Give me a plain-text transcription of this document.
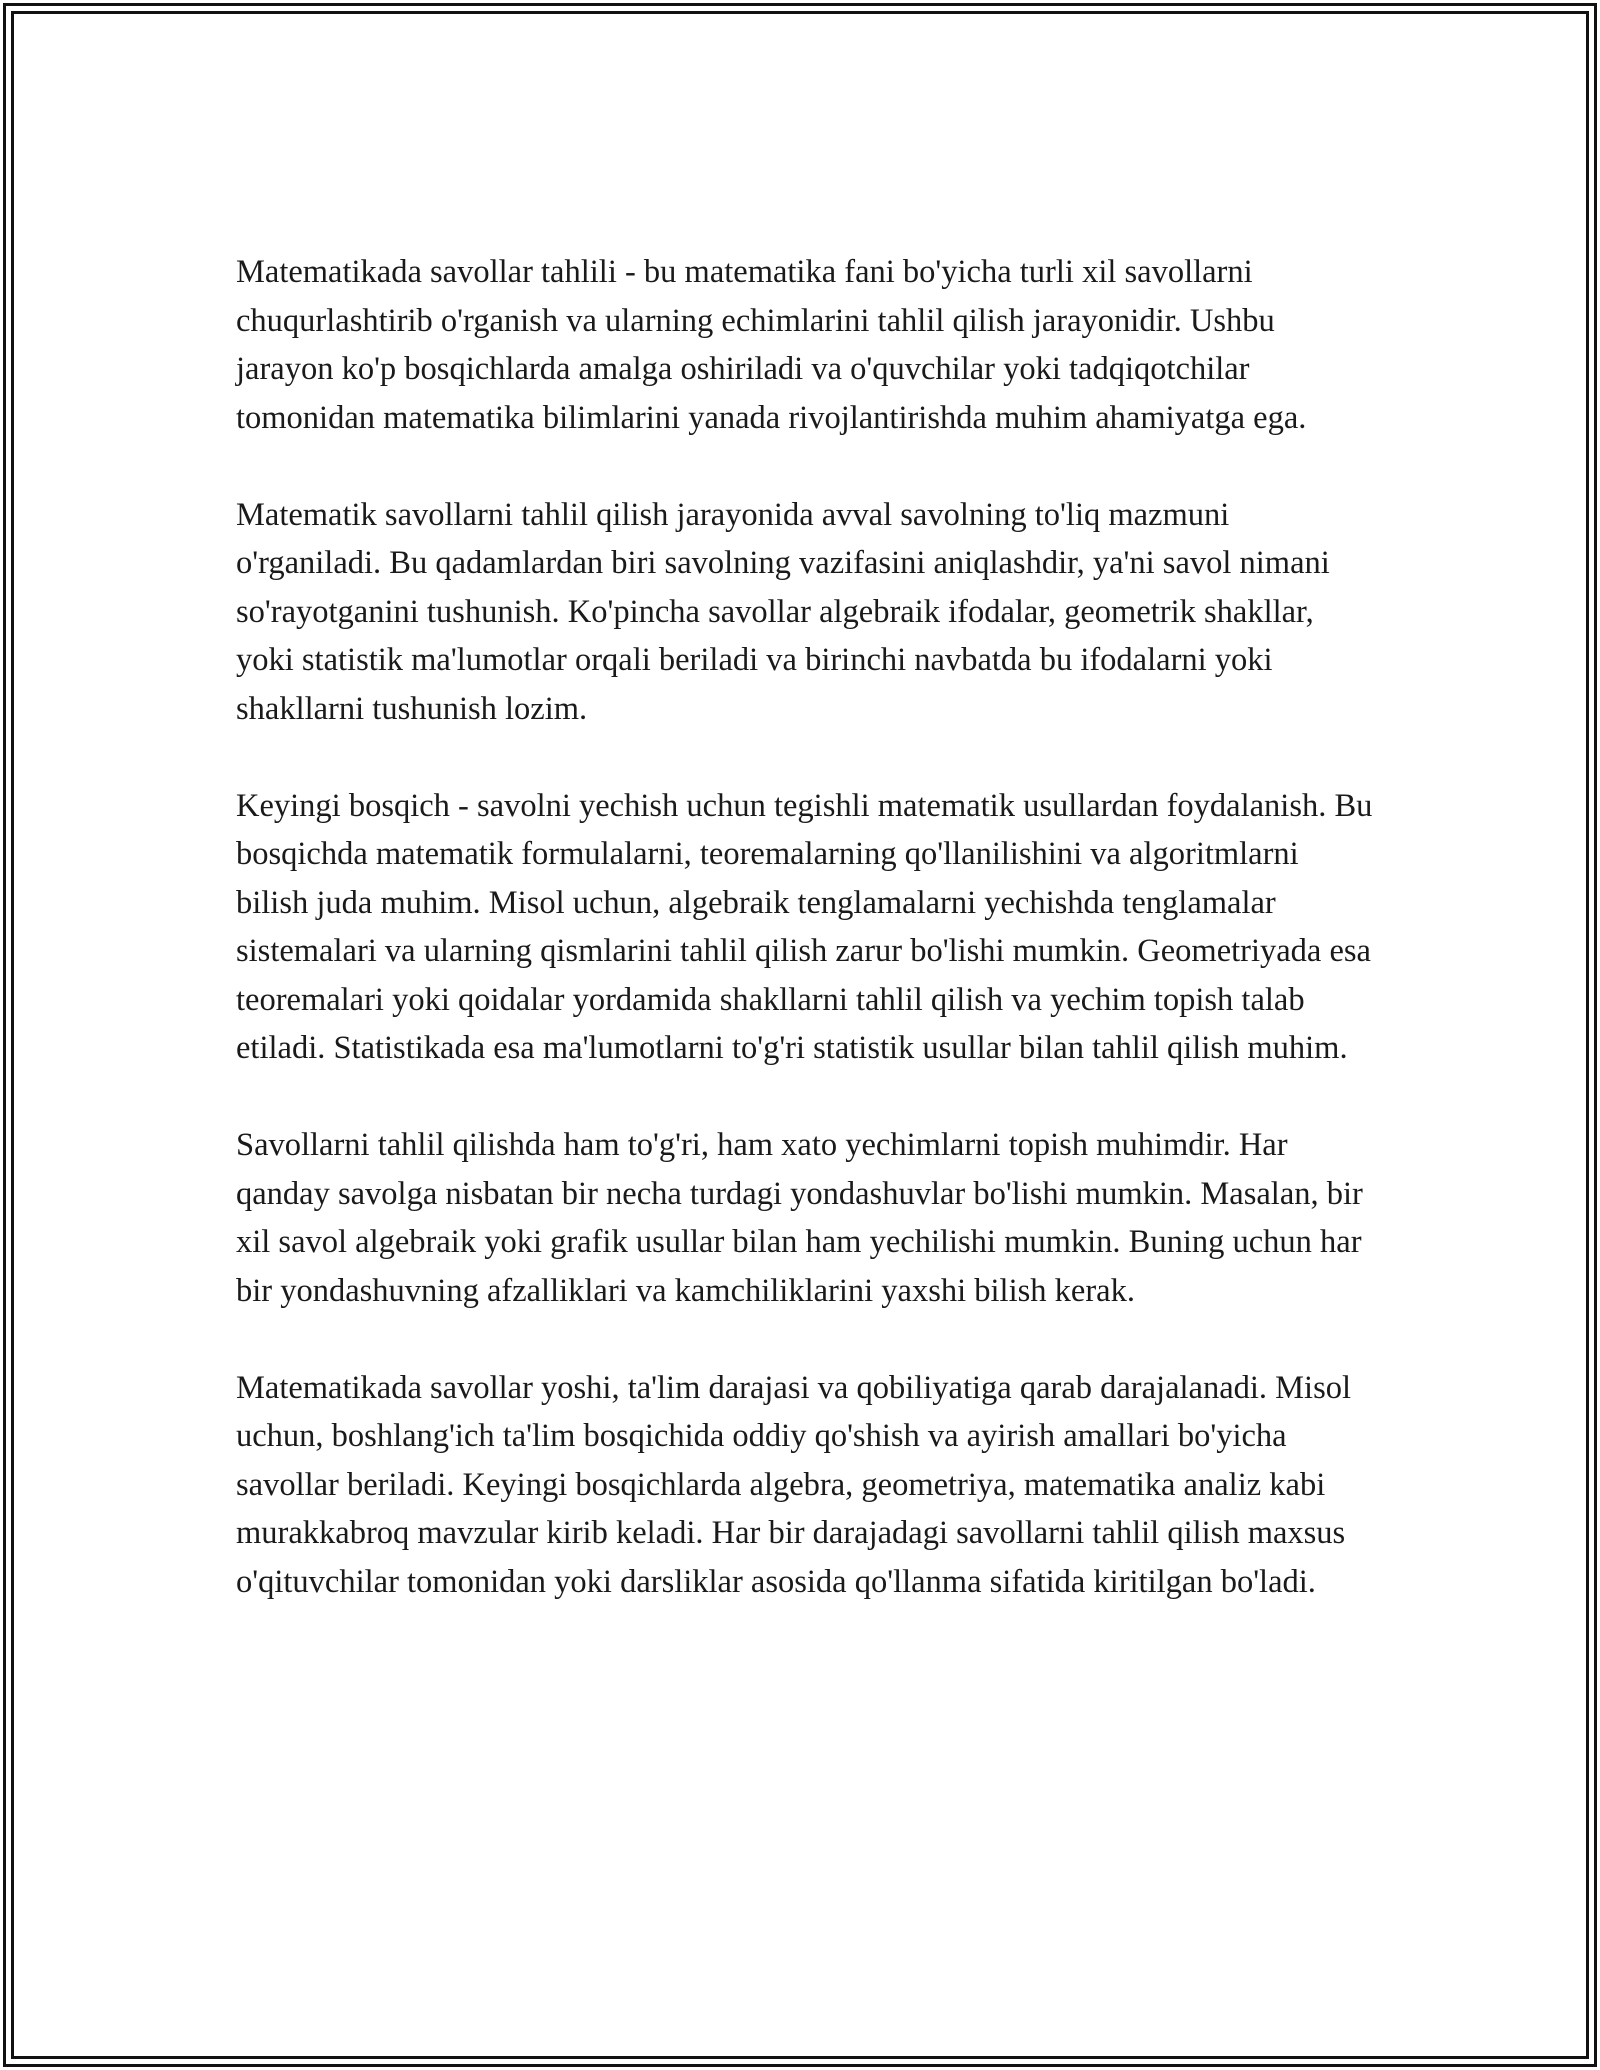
Matematikada savollar tahlili - bu matematika fani bo'yicha turli xil savollarni chuqurlashtirib o'rganish va ularning echimlarini tahlil qilish jarayonidir. Ushbu jarayon ko'p bosqichlarda amalga oshiriladi va o'quvchilar yoki tadqiqotchilar tomonidan matematika bilimlarini yanada rivojlantirishda muhim ahamiyatga ega.

Matematik savollarni tahlil qilish jarayonida avval savolning to'liq mazmuni o'rganiladi. Bu qadamlardan biri savolning vazifasini aniqlashdir, ya'ni savol nimani so'rayotganini tushunish. Ko'pincha savollar algebraik ifodalar, geometrik shakllar, yoki statistik ma'lumotlar orqali beriladi va birinchi navbatda bu ifodalarni yoki shakllarni tushunish lozim.

Keyingi bosqich - savolni yechish uchun tegishli matematik usullardan foydalanish. Bu bosqichda matematik formulalarni, teoremalarning qo'llanilishini va algoritmlarni bilish juda muhim. Misol uchun, algebraik tenglamalarni yechishda tenglamalar sistemalari va ularning qismlarini tahlil qilish zarur bo'lishi mumkin. Geometriyada esa teoremalari yoki qoidalar yordamida shakllarni tahlil qilish va yechim topish talab etiladi. Statistikada esa ma'lumotlarni to'g'ri statistik usullar bilan tahlil qilish muhim.

Savollarni tahlil qilishda ham to'g'ri, ham xato yechimlarni topish muhimdir. Har qanday savolga nisbatan bir necha turdagi yondashuvlar bo'lishi mumkin. Masalan, bir xil savol algebraik yoki grafik usullar bilan ham yechilishi mumkin. Buning uchun har bir yondashuvning afzalliklari va kamchiliklarini yaxshi bilish kerak.

Matematikada savollar yoshi, ta'lim darajasi va qobiliyatiga qarab darajalanadi. Misol uchun, boshlang'ich ta'lim bosqichida oddiy qo'shish va ayirish amallari bo'yicha savollar beriladi. Keyingi bosqichlarda algebra, geometriya, matematika analiz kabi murakkabroq mavzular kirib keladi. Har bir darajadagi savollarni tahlil qilish maxsus o'qituvchilar tomonidan yoki darsliklar asosida qo'llanma sifatida kiritilgan bo'ladi.
